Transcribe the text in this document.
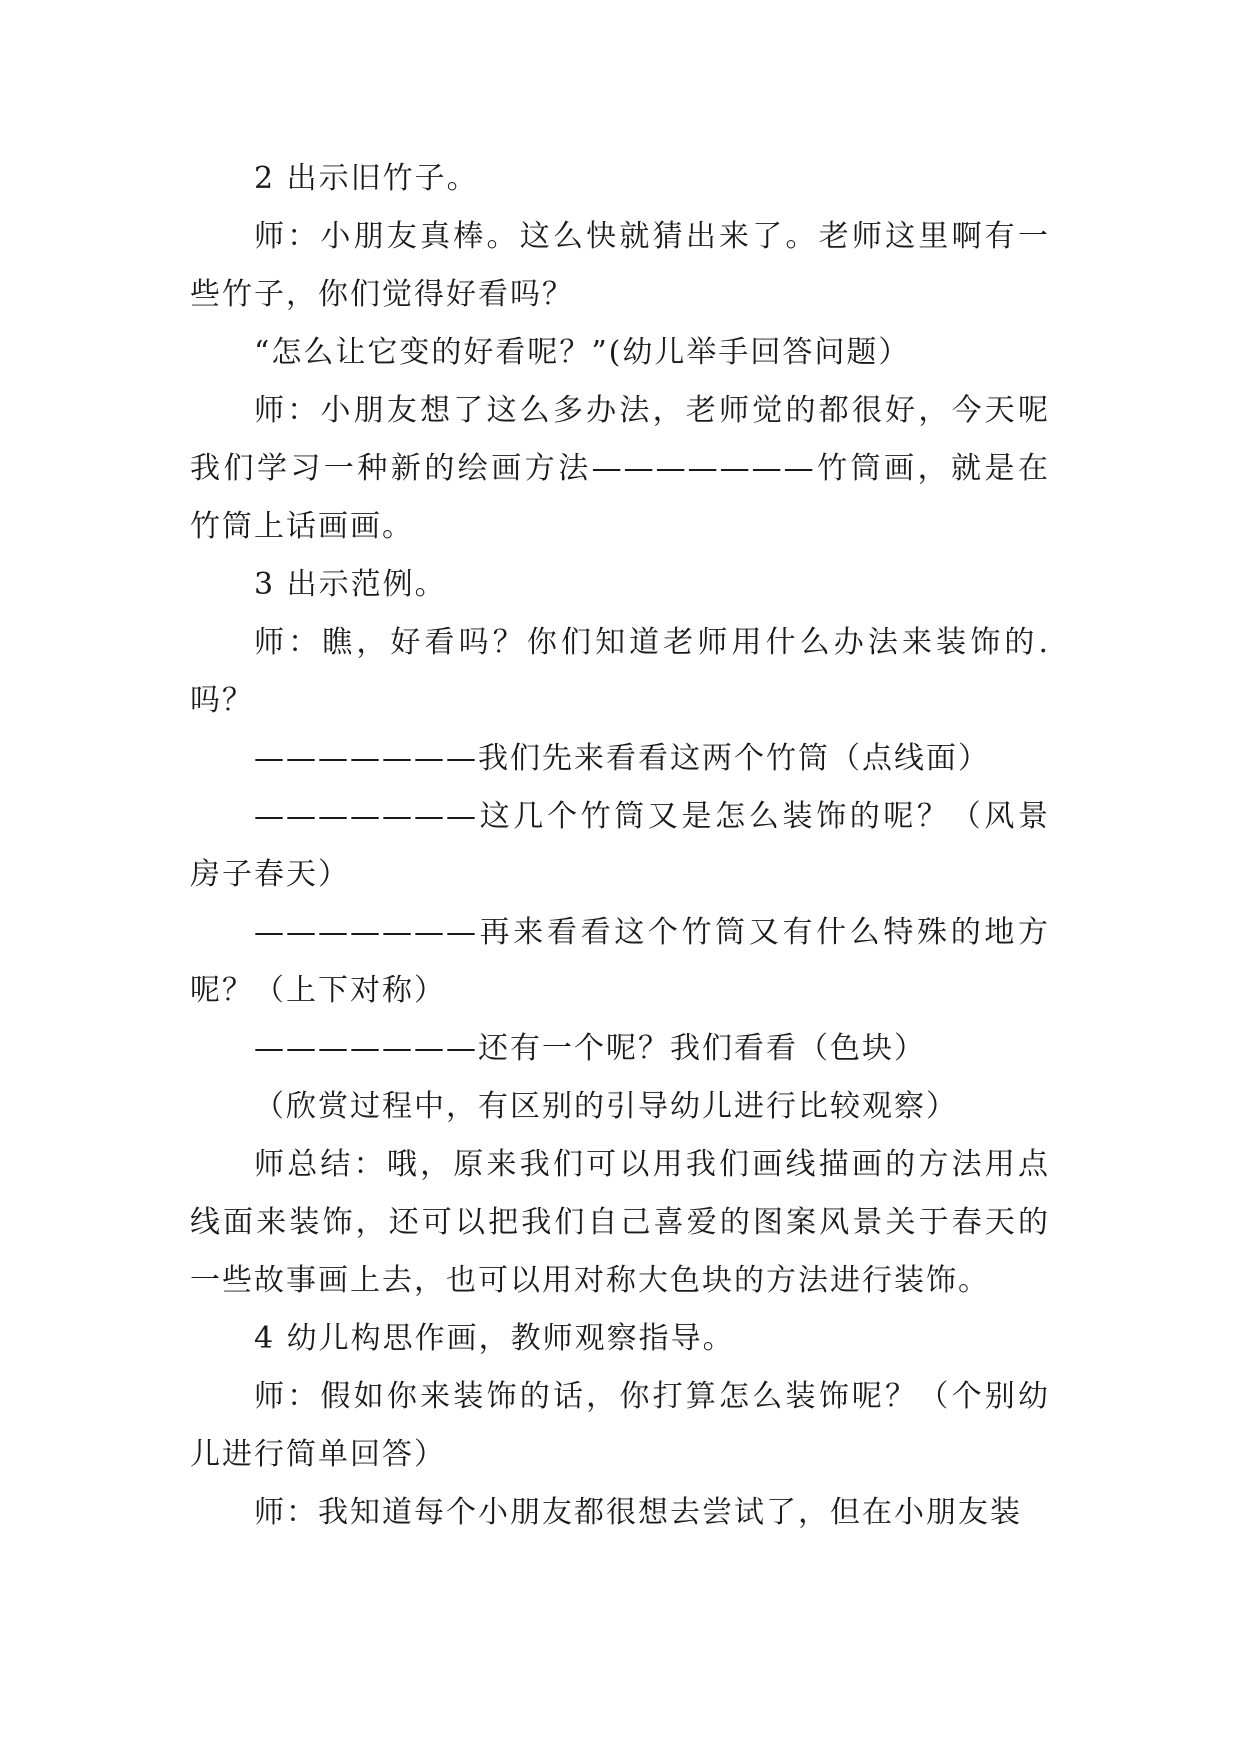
2 出示旧竹子。

师：小朋友真棒。这么快就猜出来了。老师这里啊有一些竹子，你们觉得好看吗？

“怎么让它变的好看呢？”(幼儿举手回答问题）

师：小朋友想了这么多办法，老师觉的都很好，今天呢我们学习一种新的绘画方法———————竹筒画，就是在竹筒上话画画。

3 出示范例。

师：瞧，好看吗？你们知道老师用什么办法来装饰的.吗？

———————我们先来看看这两个竹筒（点线面）

———————这几个竹筒又是怎么装饰的呢？（风景房子春天）

———————再来看看这个竹筒又有什么特殊的地方呢？（上下对称）

———————还有一个呢？我们看看（色块）

（欣赏过程中，有区别的引导幼儿进行比较观察）

师总结：哦，原来我们可以用我们画线描画的方法用点线面来装饰，还可以把我们自己喜爱的图案风景关于春天的一些故事画上去，也可以用对称大色块的方法进行装饰。

4 幼儿构思作画，教师观察指导。

师：假如你来装饰的话，你打算怎么装饰呢？（个别幼儿进行简单回答）

师：我知道每个小朋友都很想去尝试了，但在小朋友装
